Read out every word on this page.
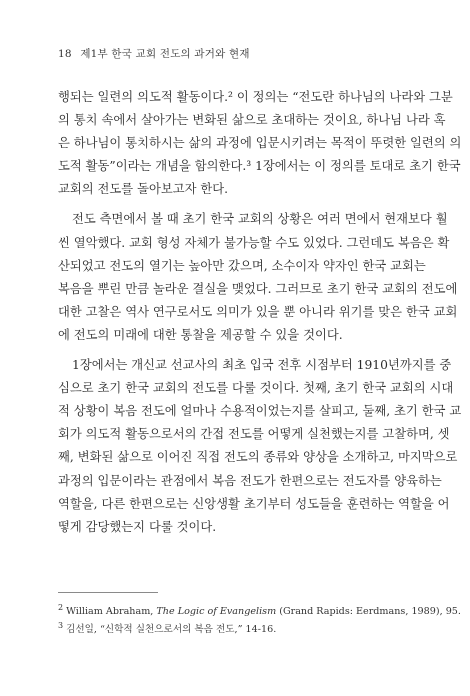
18 제1부 한국 교회 전도의 과거와 현재
행되는 일련의 의도적 활동이다.² 이 정의는 “전도란 하나님의 나라와 그분
의 통치 속에서 살아가는 변화된 삶으로 초대하는 것이요, 하나님 나라 혹
은 하나님이 통치하시는 삶의 과정에 입문시키려는 목적이 뚜렷한 일련의 의
도적 활동”이라는 개념을 함의한다.³ 1장에서는 이 정의를 토대로 초기 한국
교회의 전도를 돌아보고자 한다.
전도 측면에서 볼 때 초기 한국 교회의 상황은 여러 면에서 현재보다 훨
씬 열악했다. 교회 형성 자체가 불가능할 수도 있었다. 그런데도 복음은 확
산되었고 전도의 열기는 높아만 갔으며, 소수이자 약자인 한국 교회는
복음을 뿌린 만큼 놀라운 결실을 맺었다. 그러므로 초기 한국 교회의 전도에
대한 고찰은 역사 연구로서도 의미가 있을 뿐 아니라 위기를 맞은 한국 교회
에 전도의 미래에 대한 통찰을 제공할 수 있을 것이다.
1장에서는 개신교 선교사의 최초 입국 전후 시점부터 1910년까지를 중
심으로 초기 한국 교회의 전도를 다룰 것이다. 첫째, 초기 한국 교회의 시대
적 상황이 복음 전도에 얼마나 수용적이었는지를 살피고, 둘째, 초기 한국 교
회가 의도적 활동으로서의 간접 전도를 어떻게 실천했는지를 고찰하며, 셋
째, 변화된 삶으로 이어진 직접 전도의 종류와 양상을 소개하고, 마지막으로
과정의 입문이라는 관점에서 복음 전도가 한편으로는 전도자를 양육하는
역할을, 다른 한편으로는 신앙생활 초기부터 성도들을 훈련하는 역할을 어
떻게 감당했는지 다룰 것이다.
$^2$ William Abraham, The Logic of Evangelism (Grand Rapids: Eerdmans, 1989), 95.
$^3$ 김선일, “신학적 실천으로서의 복음 전도,” 14-16.
